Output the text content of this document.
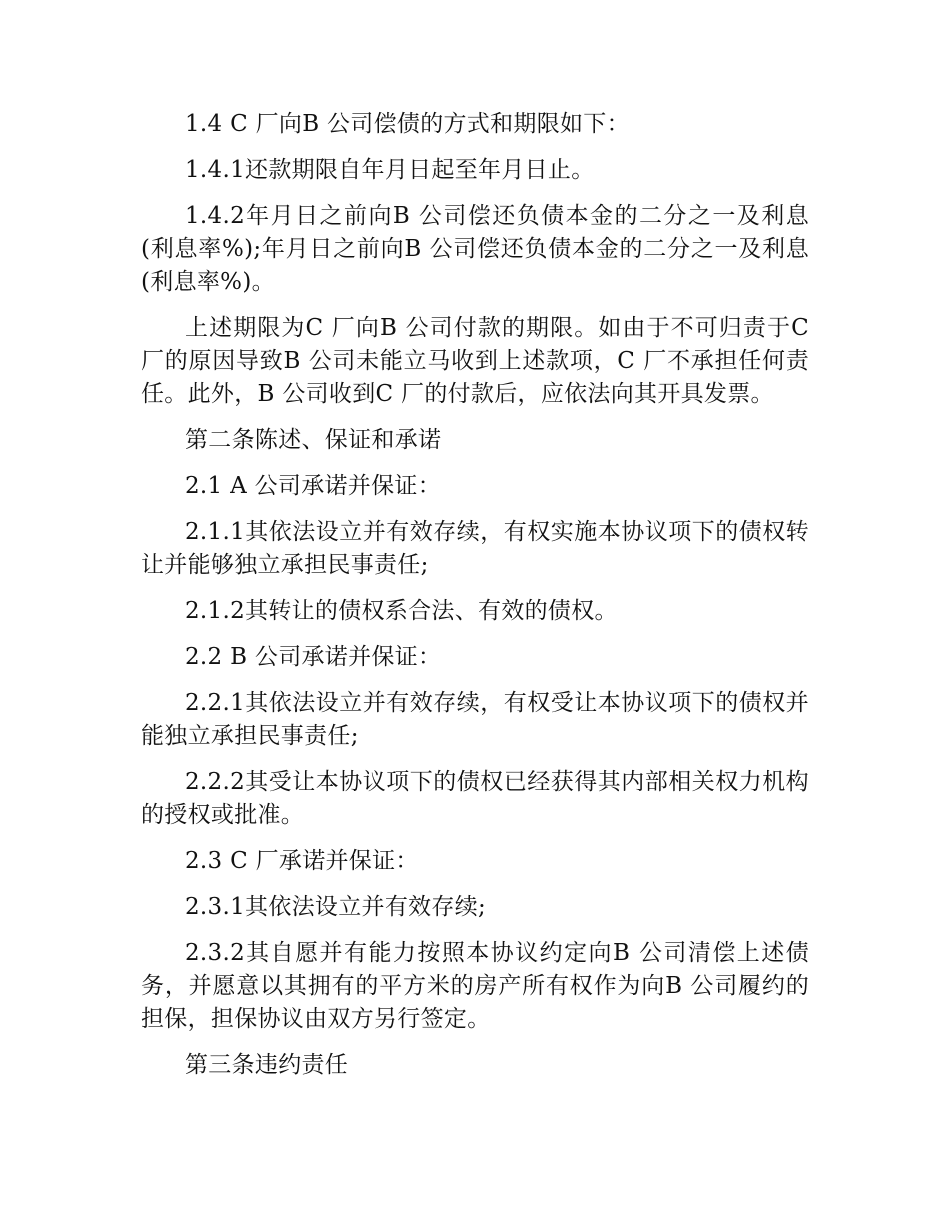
1.4 C 厂向B 公司偿债的方式和期限如下：

1.4.1还款期限自年月日起至年月日止。

1.4.2年月日之前向B 公司偿还负债本金的二分之一及利息(利息率%);年月日之前向B 公司偿还负债本金的二分之一及利息(利息率%)。

上述期限为C 厂向B 公司付款的期限。如由于不可归责于C 厂的原因导致B 公司未能立马收到上述款项，C 厂不承担任何责任。此外，B 公司收到C 厂的付款后，应依法向其开具发票。

第二条陈述、保证和承诺

2.1 A 公司承诺并保证：

2.1.1其依法设立并有效存续，有权实施本协议项下的债权转让并能够独立承担民事责任;

2.1.2其转让的债权系合法、有效的债权。

2.2 B 公司承诺并保证：

2.2.1其依法设立并有效存续，有权受让本协议项下的债权并能独立承担民事责任;

2.2.2其受让本协议项下的债权已经获得其内部相关权力机构的授权或批准。

2.3 C 厂承诺并保证：

2.3.1其依法设立并有效存续;

2.3.2其自愿并有能力按照本协议约定向B 公司清偿上述债务，并愿意以其拥有的平方米的房产所有权作为向B 公司履约的担保，担保协议由双方另行签定。

第三条违约责任
